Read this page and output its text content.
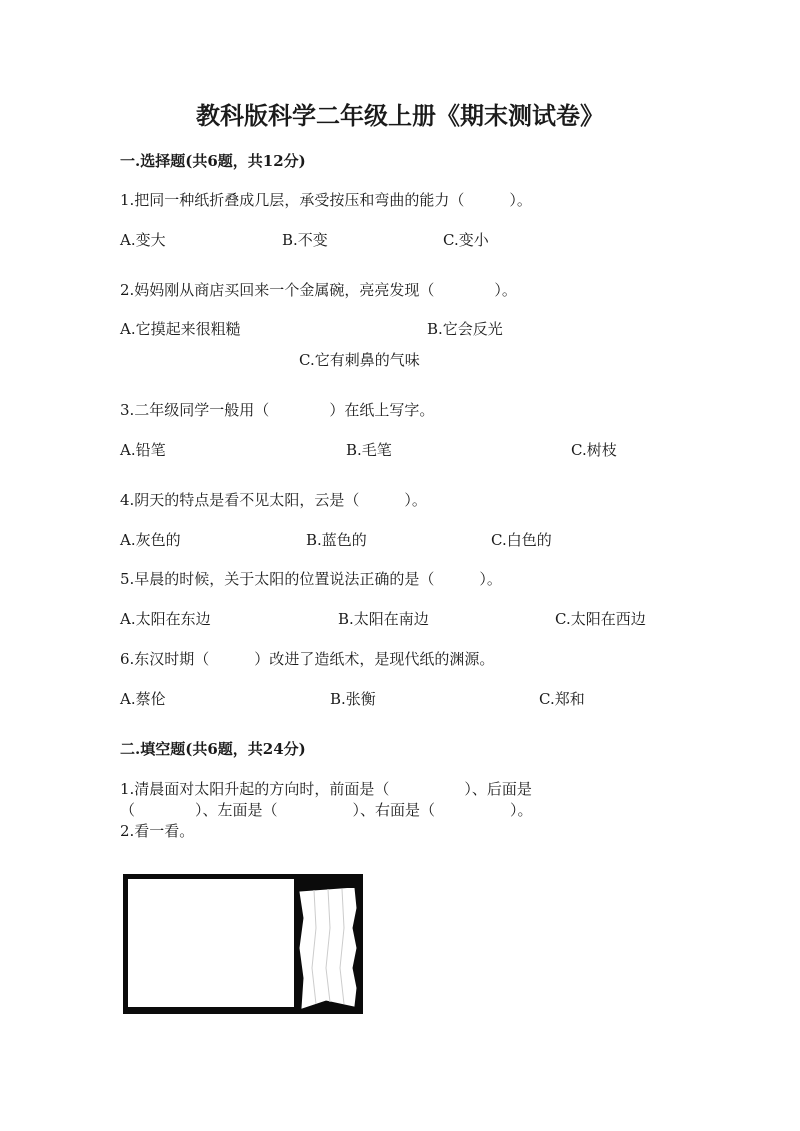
教科版科学二年级上册《期末测试卷》
一.选择题(共6题，共12分)
1.把同一种纸折叠成几层，承受按压和弯曲的能力（　　　）。
A.变大	B.不变	C.变小
2.妈妈刚从商店买回来一个金属碗，亮亮发现（　　　　）。
A.它摸起来很粗糙	B.它会反光
C.它有刺鼻的气味
3.二年级同学一般用（　　　　）在纸上写字。
A.铅笔	B.毛笔	C.树枝
4.阴天的特点是看不见太阳，云是（　　　）。
A.灰色的	B.蓝色的	C.白色的
5.早晨的时候，关于太阳的位置说法正确的是（　　　）。
A.太阳在东边	B.太阳在南边	C.太阳在西边
6.东汉时期（　　　）改进了造纸术，是现代纸的渊源。
A.蔡伦	B.张衡	C.郑和
二.填空题(共6题，共24分)
1.清晨面对太阳升起的方向时，前面是（　　　　　）、后面是
（　　　　）、左面是（　　　　　）、右面是（　　　　　）。
2.看一看。
